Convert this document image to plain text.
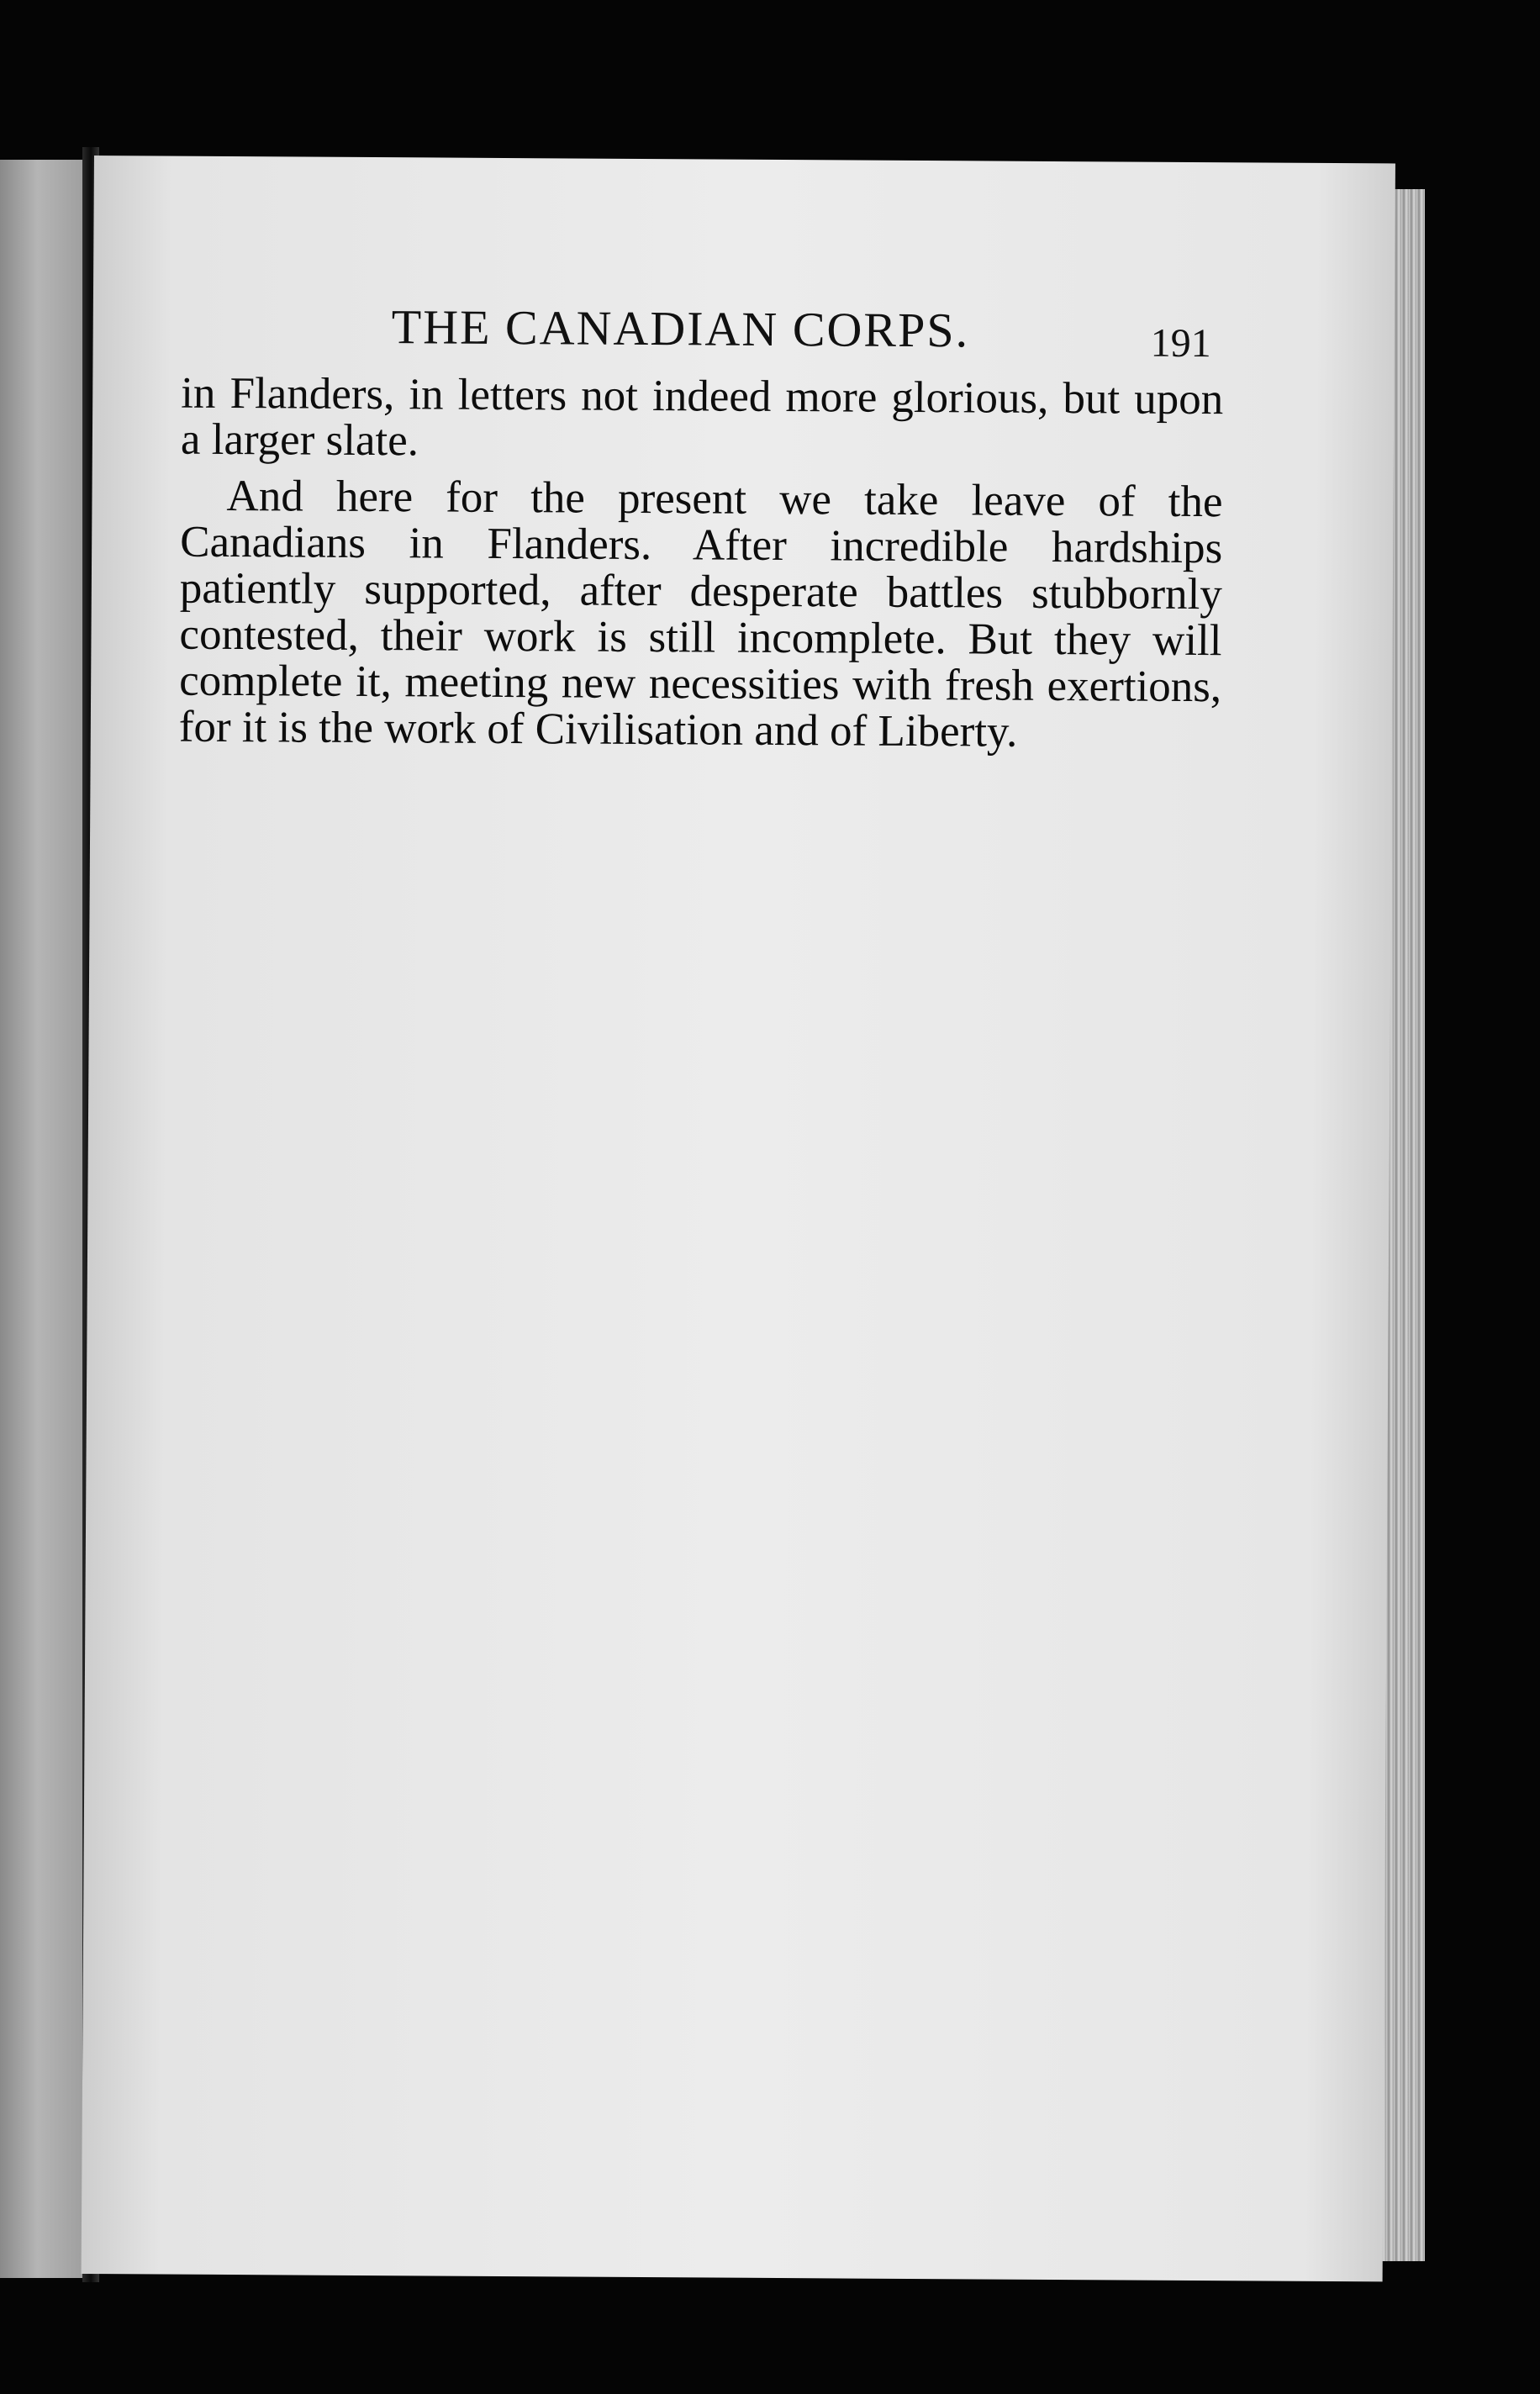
THE CANADIAN CORPS.	191

in Flanders, in letters not indeed more glorious, but upon a larger slate.

And here for the present we take leave of the Canadians in Flanders. After incredible hardships patiently supported, after desperate battles stubbornly contested, their work is still incomplete. But they will complete it, meeting new necessities with fresh exertions, for it is the work of Civilisation and of Liberty.
